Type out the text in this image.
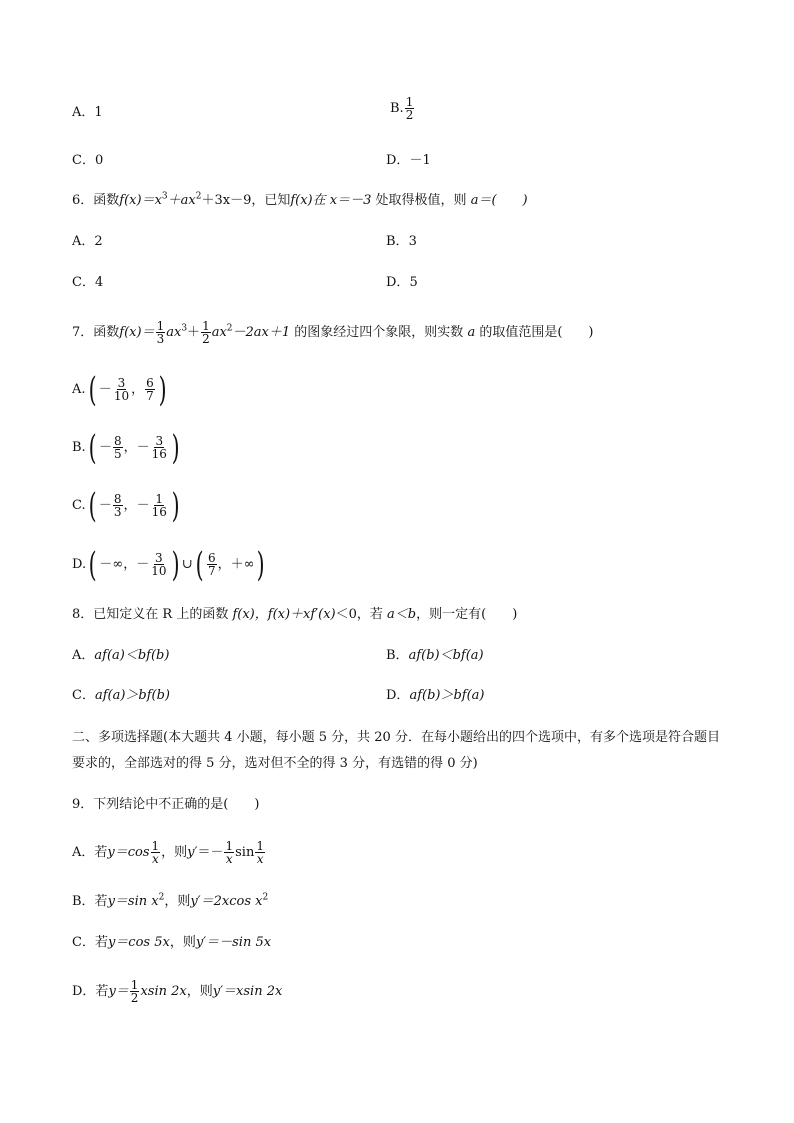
A．1	B. $\frac{1}{2}$
C．0	D．－1
6．函数$f(x)=x^3+ax^2+3x-9$，已知f(x)在 x＝－3 处取得极值，则 a＝(　　)
A．2	B．3
C．4	D．5
7．函数$f(x)= \frac{1}{3} ax^3+ \frac{1}{2} ax^2-2ax+1$ 的图象经过四个象限，则实数 a 的取值范围是(　　)
$A.( - \frac{3}{10}$ ， $\frac{6}{7}$ )
$B.( - \frac{8}{5}$ ，－ $\frac{3}{16}$ )
$C.( - \frac{8}{3}$ ，－ $\frac{1}{16}$ )
D.( －∞，－ $\frac{3}{10}$ ) ∪( $\frac{6}{7}$ ，＋∞)
8．已知定义在 R 上的函数 f(x)，f(x)＋xf′(x)＜0，若 a＜b，则一定有(　　)
A．af(a)＜bf(b)	B．af(b)＜bf(a)
C．af(a)＞bf(b)	D．af(b)＞bf(a)
二、多项选择题(本大题共 4 小题，每小题 5 分，共 20 分．在每小题给出的四个选项中，有多个选项是符合题目要求的，全部选对的得 5 分，选对但不全的得 3 分，有选错的得 0 分)
9．下列结论中不正确的是(　　)
A．若$y=\cos \frac{1}{x}$ ，则$y'=- \frac{1}{x}$ $\sin \frac{1}{x}$
B．若y＝sin $x^2$，则y′＝2xcos $x^2$
C．若y＝cos 5x，则y′＝－sin 5x
D．若$y= \frac{1}{2}$ xsin 2x，则y′＝xsin 2x
